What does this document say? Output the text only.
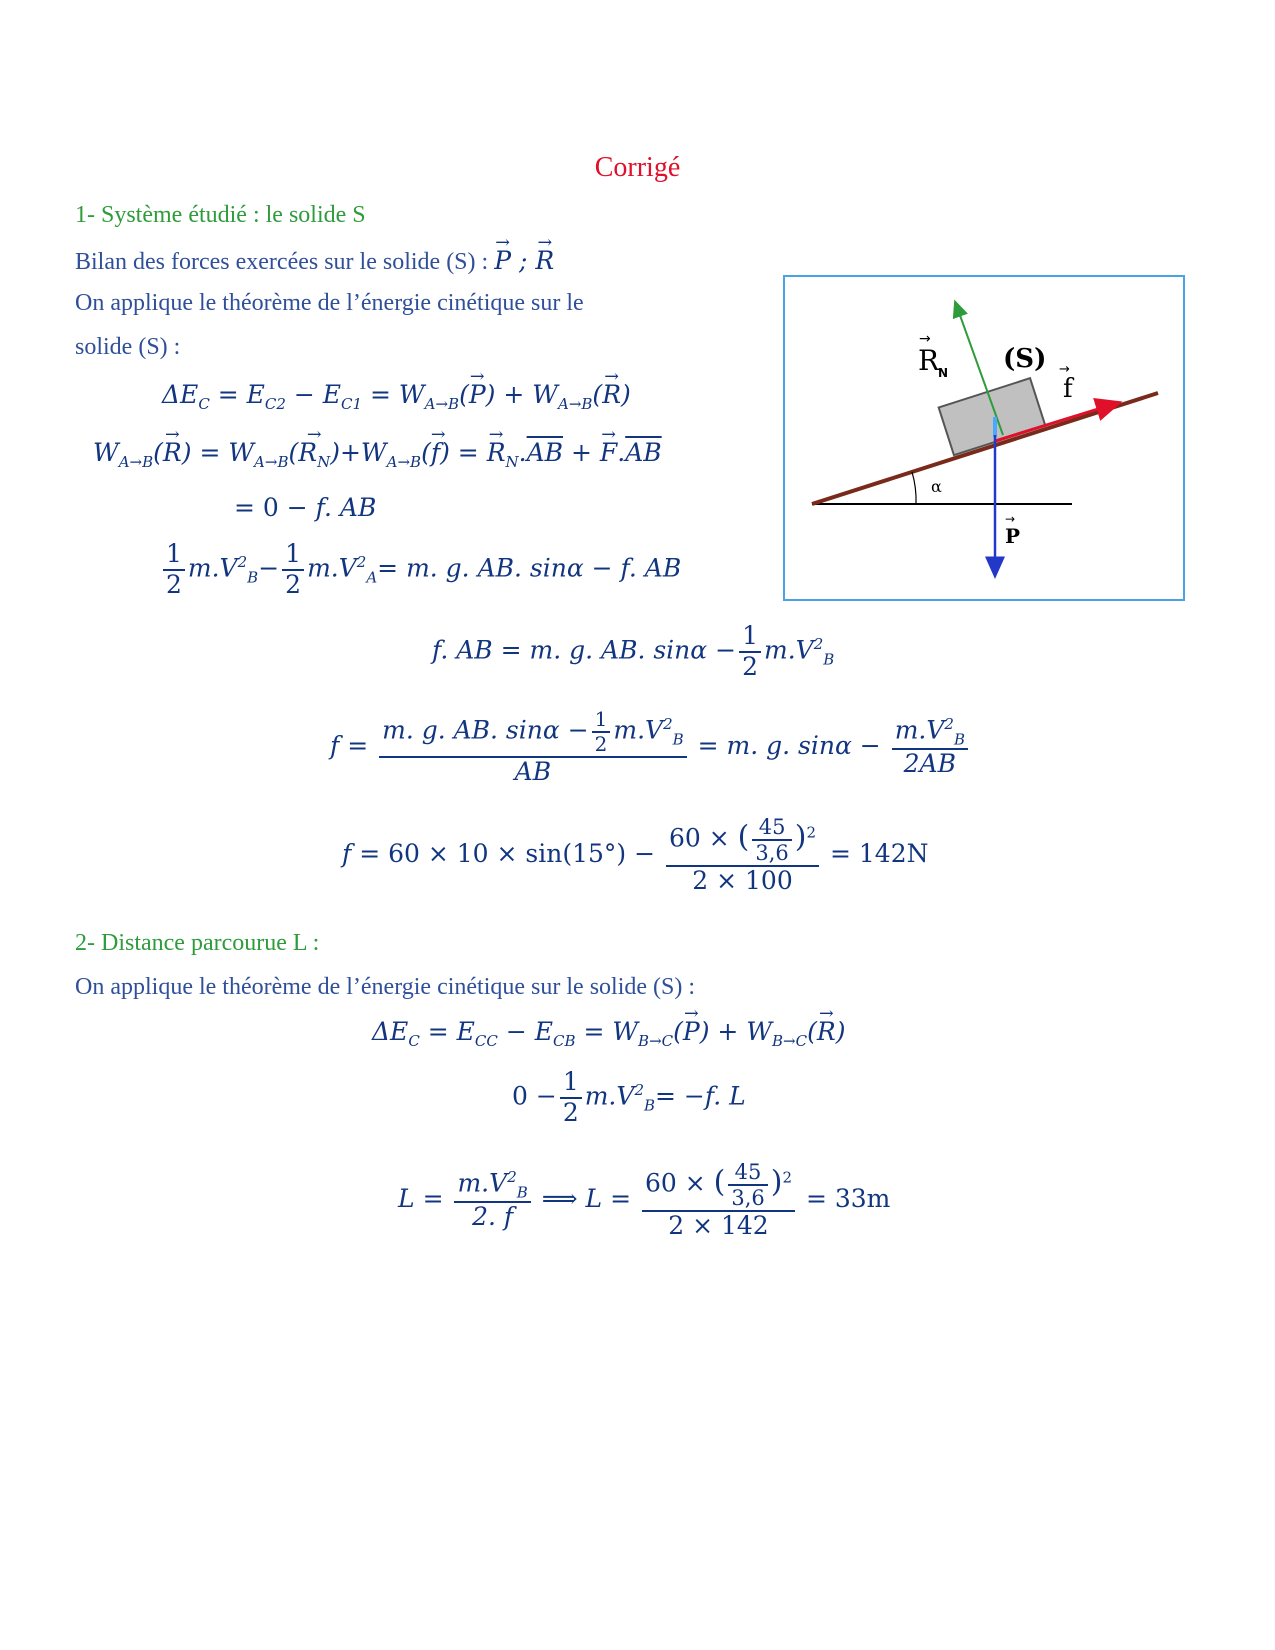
Corrigé
1- Système étudié : le solide S
Bilan des forces exercées sur le solide (S) : → P ; → R
On applique le théorème de l’énergie cinétique sur le
solide (S) :
$\Delta E_C = E_{C2} - E_{C1} = W_{A\to B}(\to P) + W_{A\to B}(\to R)$
$W_{A\to B}(\to R) = W_{A\to B}(\to R_N)+W_{A\to B}(\to f)$ = → $R_N.\overline{AB}$ + → $F.\overline{AB}$
= 0 − f. AB
$\frac{1}{2} m.V^2_B- \frac{1}{2} m.V^2_A= m$. g. AB. sinα − f. AB
f. AB = m. g. AB. $\sin\alpha - \frac{1}{2} m.V^2_B$
$f = \frac{m. g. AB. \sin\alpha - \frac{1}{2} m.V^2_B}{AB} = m$. g. $\sin\alpha - \frac{m.V^2_B}{2AB}$
$f = 60 \times 10 \times \sin(15^\circ) - \frac{60 \times ( \frac{45}{3,6} )^2}{2 \times 100} = 142N$
2- Distance parcourue L :
On applique le théorème de l’énergie cinétique sur le solide (S) :
$\Delta E_C = E_{CC} - E_{CB} = W_{B\to C}(\to P) + W_{B\to C}(\to R)$
$0 - \frac{1}{2} m.V^2_B= -f$. L
$L = \frac{m.V^2_B}{2. f}$ ⟹ $L = \frac{60 \times ( \frac{45}{3,6} )^2}{2 \times 142} = 33m$
α
R
N
→
(S)
f
→
P
→
